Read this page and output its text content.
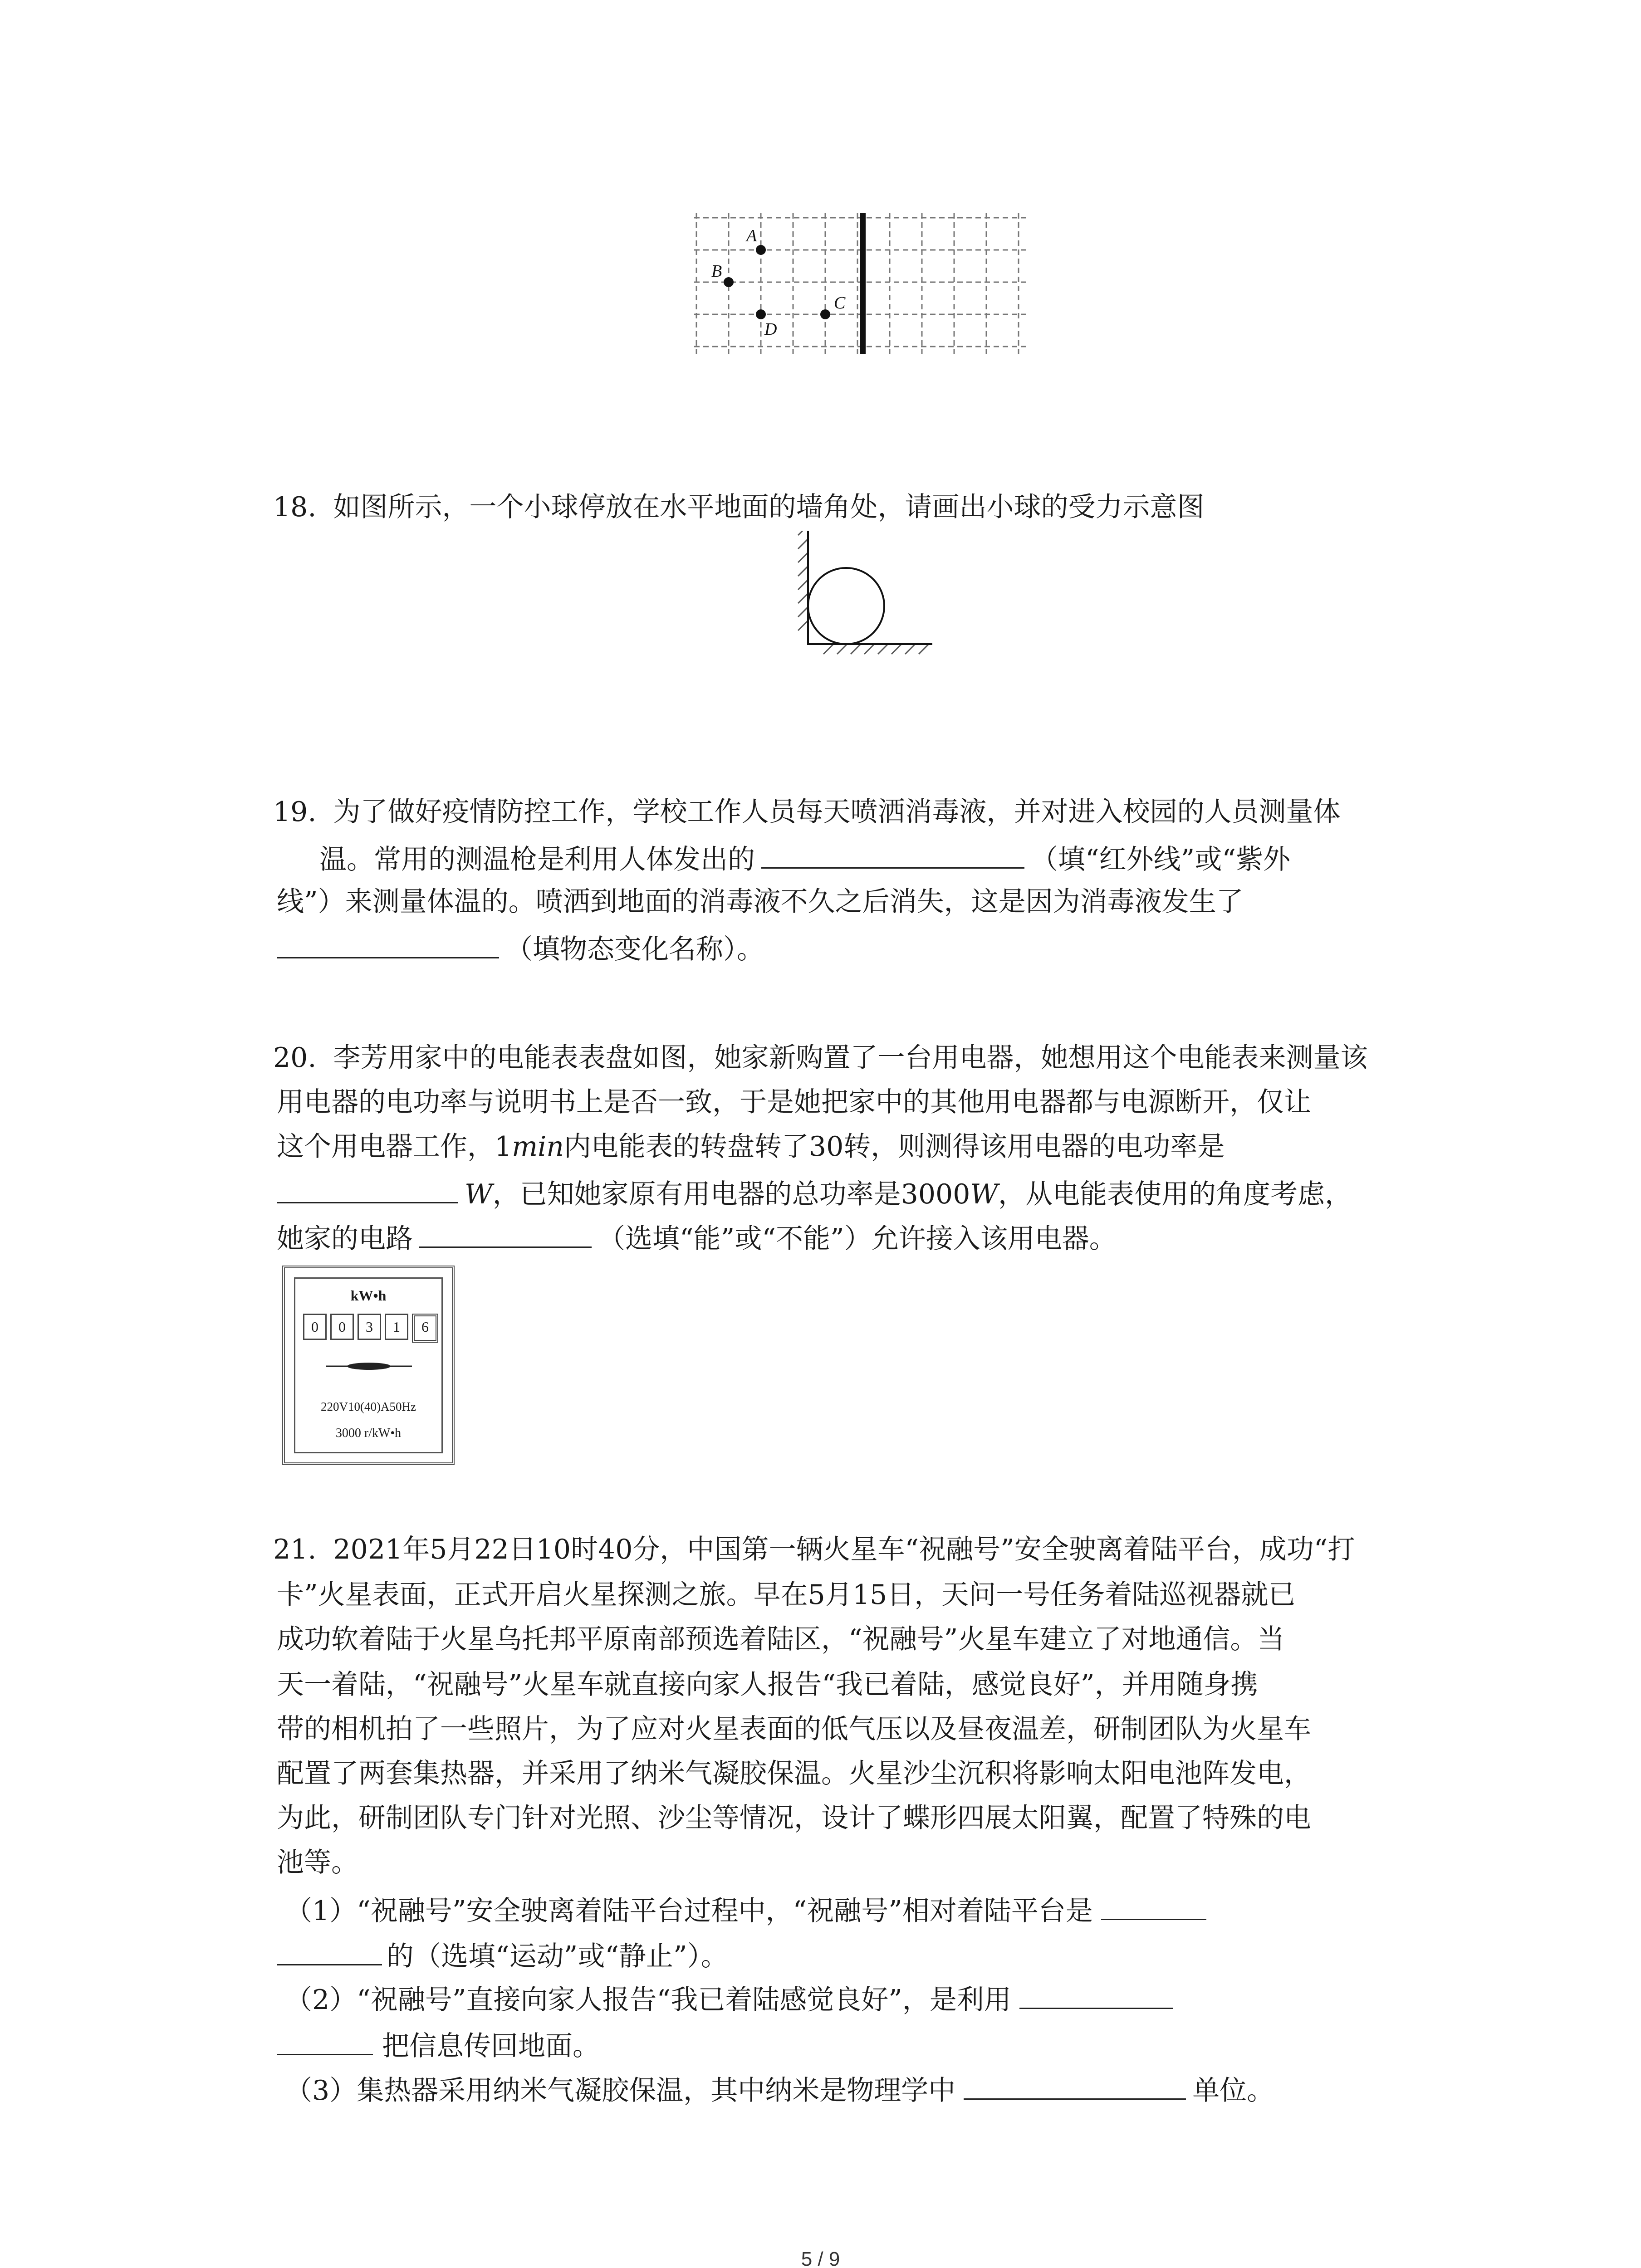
A
B
C
D
18. 如图所示，一个小球停放在水平地面的墙角处，请画出小球的受力示意图
19. 为了做好疫情防控工作，学校工作人员每天喷洒消毒液，并对进入校园的人员测量体
温。常用的测温枪是利用人体发出的	（填“红外线”或“紫外
线”）来测量体温的。喷洒到地面的消毒液不久之后消失，这是因为消毒液发生了
（填物态变化名称）。
20. 李芳用家中的电能表表盘如图，她家新购置了一台用电器，她想用这个电能表来测量该
用电器的电功率与说明书上是否一致，于是她把家中的其他用电器都与电源断开，仅让
这个用电器工作，1min内电能表的转盘转了30转，则测得该用电器的电功率是
W，已知她家原有用电器的总功率是3000W，从电能表使用的角度考虑，
她家的电路	（选填“能”或“不能”）允许接入该用电器。
kW•h
0	0	3	1	6
220V10(40)A50Hz
3000 r/kW•h
21. 2021年5月22日10时40分，中国第一辆火星车“祝融号”安全驶离着陆平台，成功“打
卡”火星表面，正式开启火星探测之旅。早在5月15日，天问一号任务着陆巡视器就已
成功软着陆于火星乌托邦平原南部预选着陆区，“祝融号”火星车建立了对地通信。当
天一着陆，“祝融号”火星车就直接向家人报告“我已着陆，感觉良好”，并用随身携
带的相机拍了一些照片，为了应对火星表面的低气压以及昼夜温差，研制团队为火星车
配置了两套集热器，并采用了纳米气凝胶保温。火星沙尘沉积将影响太阳电池阵发电，
为此，研制团队专门针对光照、沙尘等情况，设计了蝶形四展太阳翼，配置了特殊的电
池等。
（1）“祝融号”安全驶离着陆平台过程中，“祝融号”相对着陆平台是
的（选填“运动”或“静止”）。
（2）“祝融号”直接向家人报告“我已着陆感觉良好”，是利用
把信息传回地面。
（3）集热器采用纳米气凝胶保温，其中纳米是物理学中	单位。
5 / 9
